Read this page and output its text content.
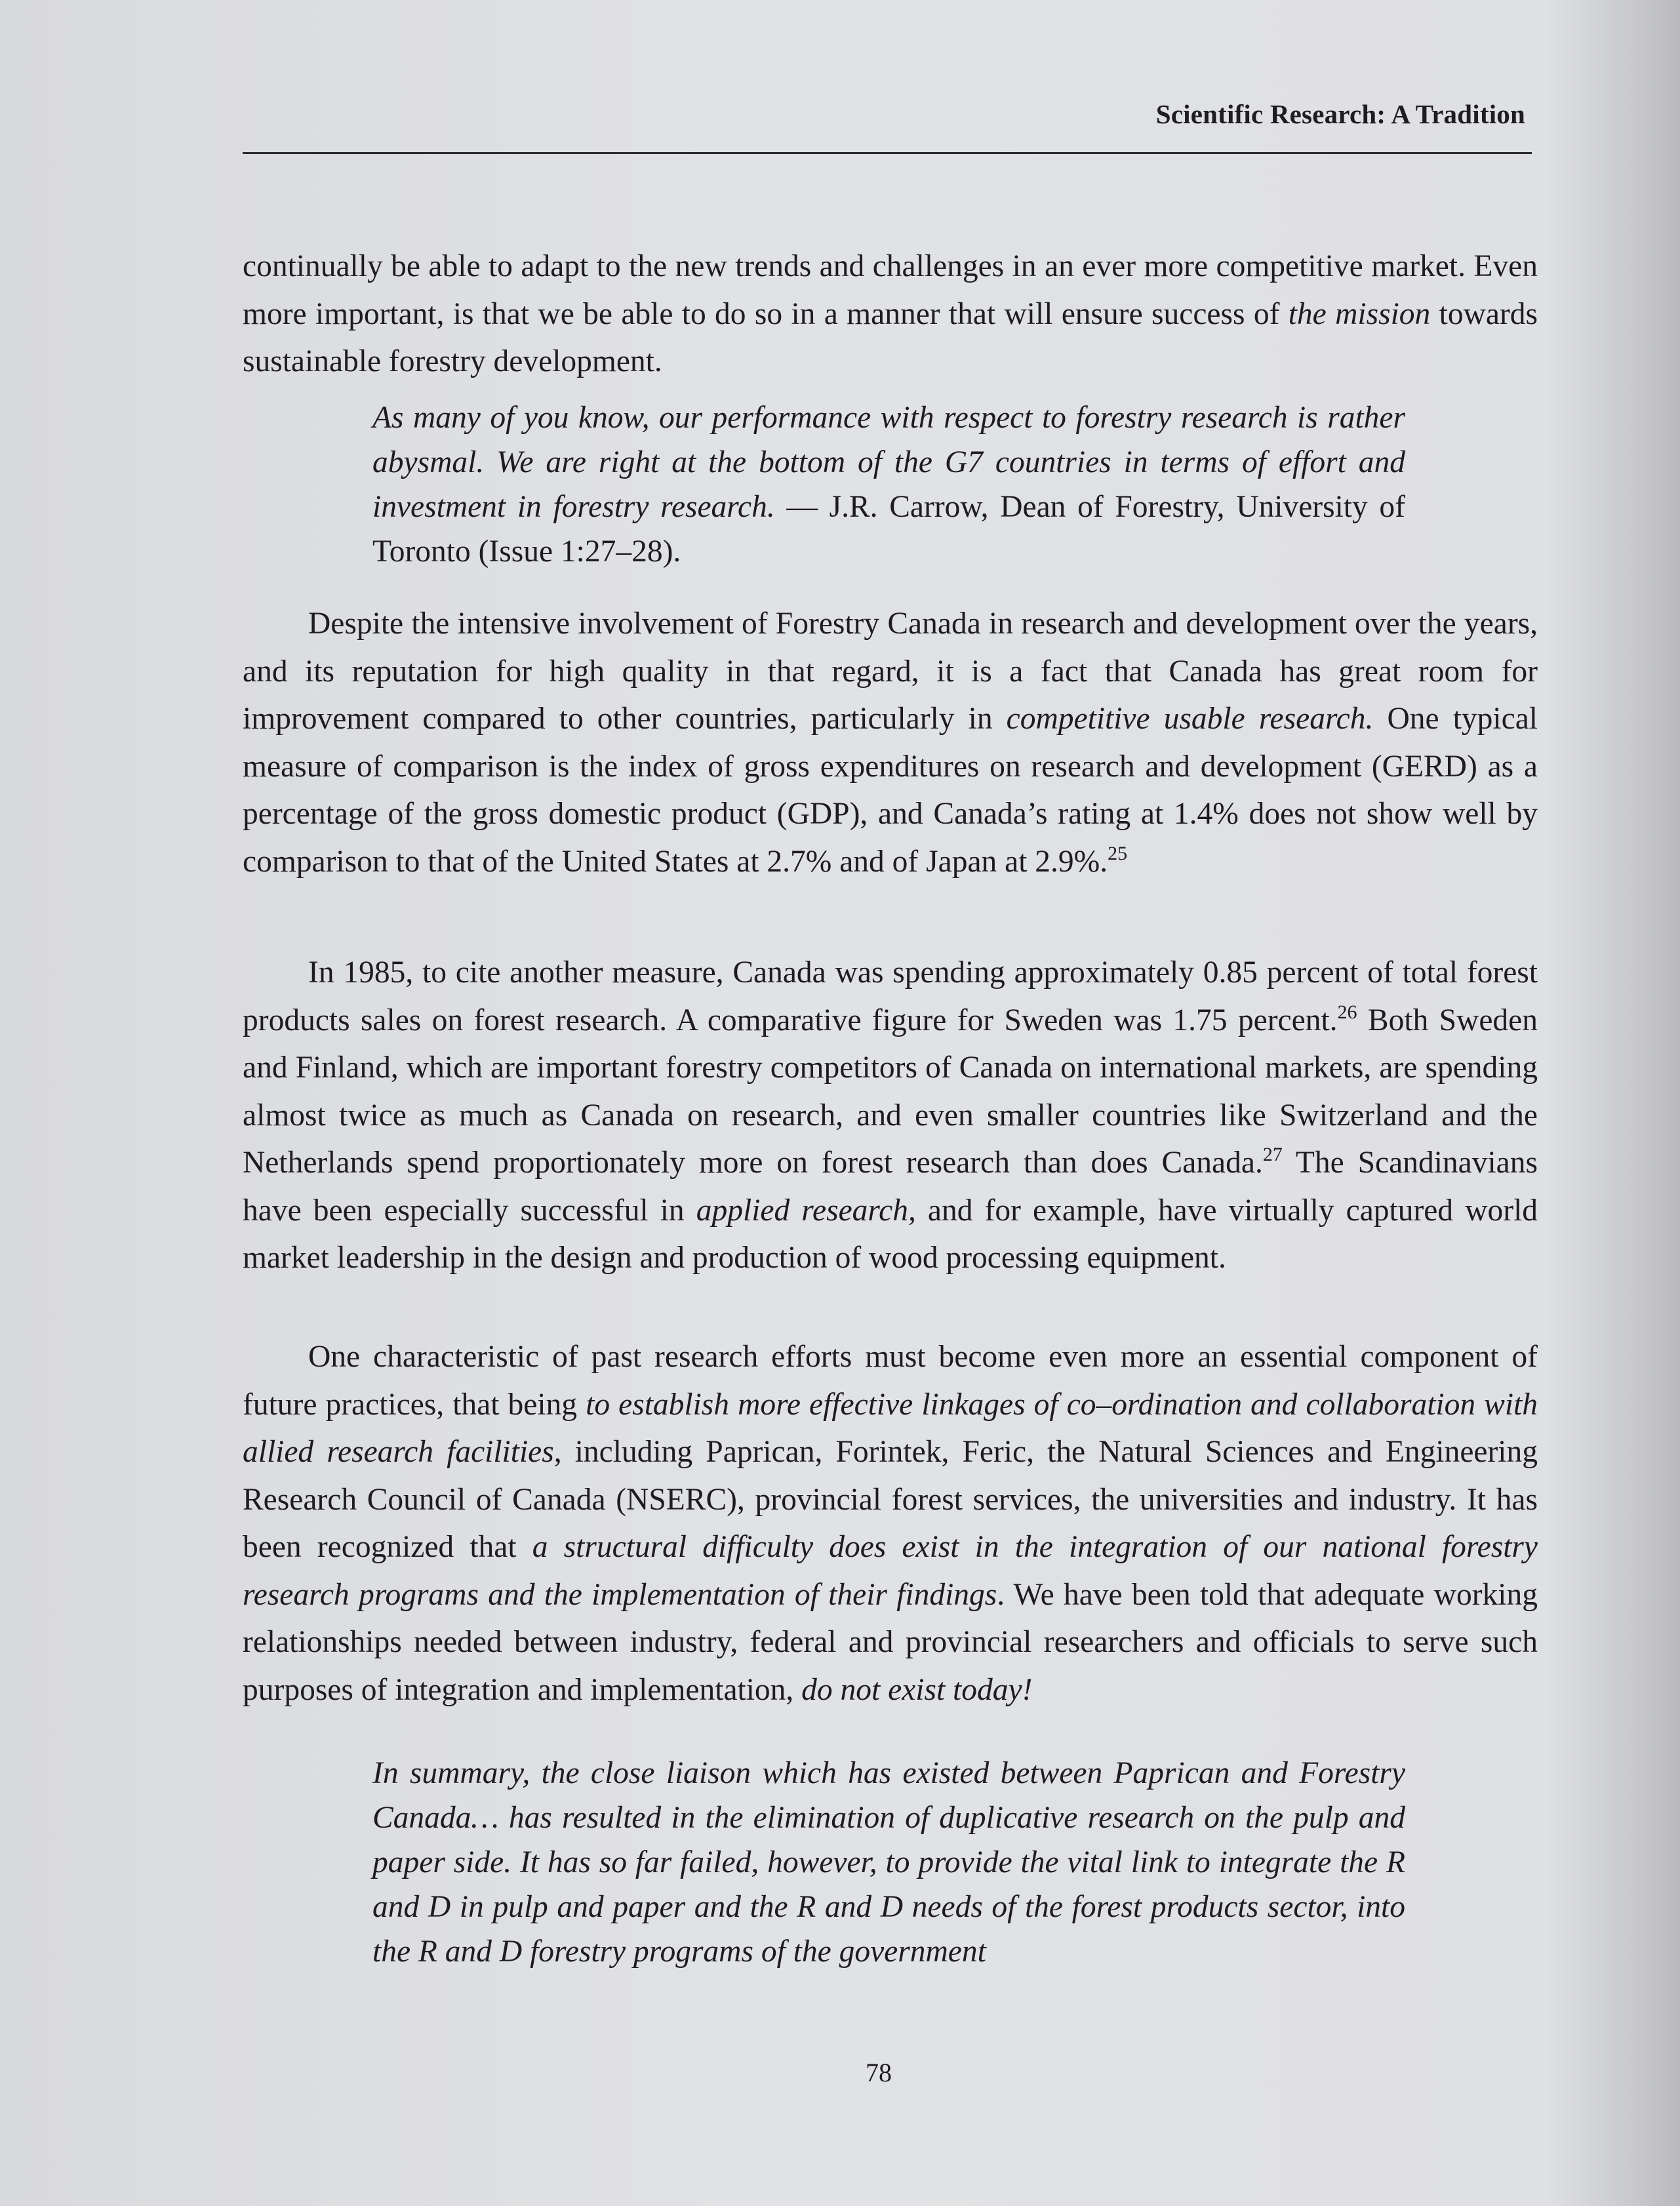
Scientific Research: A Tradition

continually be able to adapt to the new trends and challenges in an ever more competitive market. Even more important, is that we be able to do so in a manner that will ensure success of the mission towards sustainable forestry development.

As many of you know, our performance with respect to forestry research is rather abysmal. We are right at the bottom of the G7 countries in terms of effort and investment in forestry research. — J.R. Carrow, Dean of Forestry, University of Toronto (Issue 1:27–28).

Despite the intensive involvement of Forestry Canada in research and development over the years, and its reputation for high quality in that regard, it is a fact that Canada has great room for improvement compared to other countries, particularly in competitive usable research. One typical measure of comparison is the index of gross expenditures on research and development (GERD) as a percentage of the gross domestic product (GDP), and Canada’s rating at 1.4% does not show well by comparison to that of the United States at 2.7% and of Japan at 2.9%.$^{25}$

In 1985, to cite another measure, Canada was spending approximately 0.85 percent of total forest products sales on forest research. A comparative figure for Sweden was 1.75 percent.$^{26}$ Both Sweden and Finland, which are important forestry competitors of Canada on international markets, are spending almost twice as much as Canada on research, and even smaller countries like Switzerland and the Netherlands spend proportionately more on forest research than does Canada.$^{27}$ The Scandinavians have been especially successful in applied research, and for example, have virtually captured world market leadership in the design and production of wood processing equipment.

One characteristic of past research efforts must become even more an essential component of future practices, that being to establish more effective linkages of co–ordination and collaboration with allied research facilities, including Paprican, Forintek, Feric, the Natural Sciences and Engineering Research Council of Canada (NSERC), provincial forest services, the universities and industry. It has been recognized that a structural difficulty does exist in the integration of our national forestry research programs and the implementation of their findings. We have been told that adequate working relationships needed between industry, federal and provincial researchers and officials to serve such purposes of integration and implementation, do not exist today!

In summary, the close liaison which has existed between Paprican and Forestry Canada… has resulted in the elimination of duplicative research on the pulp and paper side. It has so far failed, however, to provide the vital link to integrate the R and D in pulp and paper and the R and D needs of the forest products sector, into the R and D forestry programs of the government

78
